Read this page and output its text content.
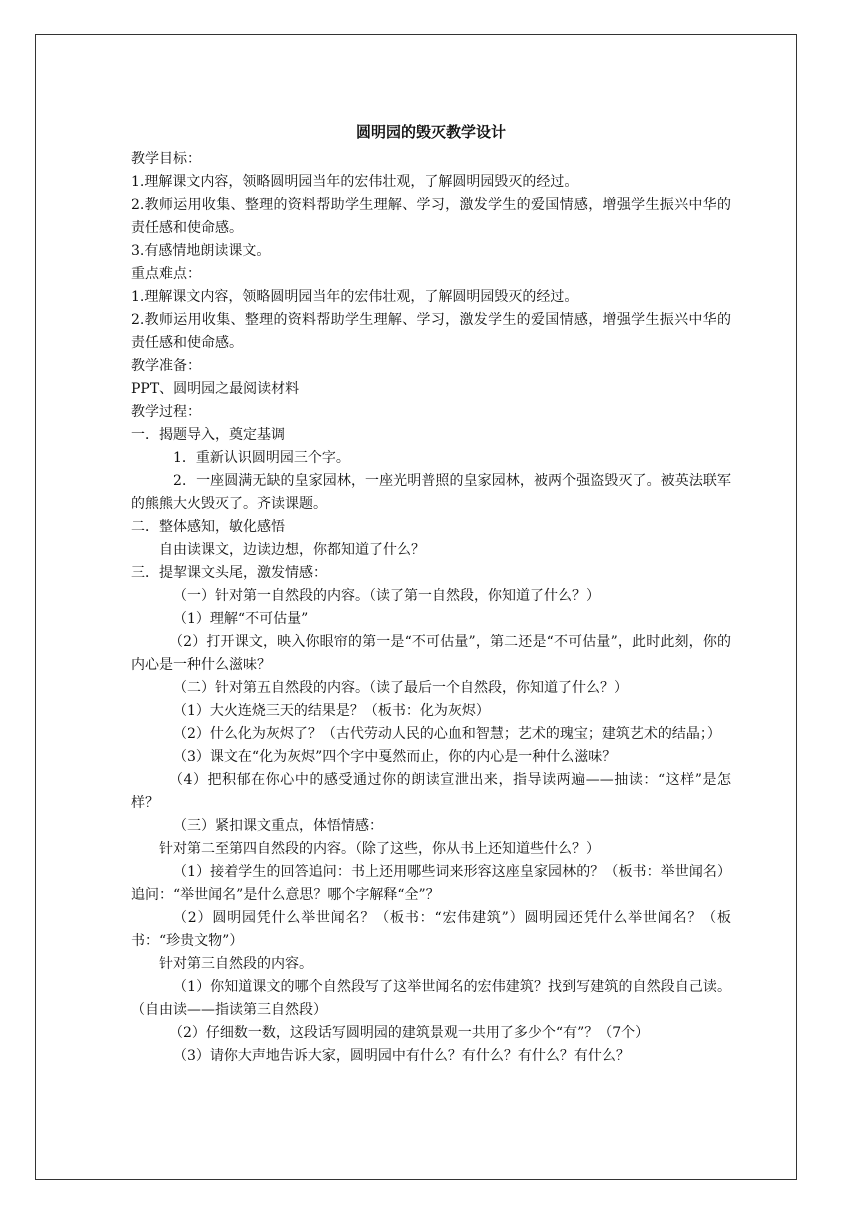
圆明园的毁灭教学设计

教学目标：

1.理解课文内容，领略圆明园当年的宏伟壮观，了解圆明园毁灭的经过。

2.教师运用收集、整理的资料帮助学生理解、学习，激发学生的爱国情感，增强学生振兴中华的责任感和使命感。

3.有感情地朗读课文。

重点难点：

1.理解课文内容，领略圆明园当年的宏伟壮观，了解圆明园毁灭的经过。

2.教师运用收集、整理的资料帮助学生理解、学习，激发学生的爱国情感，增强学生振兴中华的责任感和使命感。

教学准备：

PPT、圆明园之最阅读材料

教学过程：

一．揭题导入，奠定基调

1．重新认识圆明园三个字。

2．一座圆满无缺的皇家园林，一座光明普照的皇家园林，被两个强盗毁灭了。被英法联军的熊熊大火毁灭了。齐读课题。

二．整体感知，敏化感悟

自由读课文，边读边想，你都知道了什么？

三．提挈课文头尾，激发情感：

（一）针对第一自然段的内容。（读了第一自然段，你知道了什么？）

（1）理解“不可估量”

（2）打开课文，映入你眼帘的第一是“不可估量”，第二还是“不可估量”，此时此刻，你的内心是一种什么滋味？

（二）针对第五自然段的内容。（读了最后一个自然段，你知道了什么？）

（1）大火连烧三天的结果是？（板书：化为灰烬）

（2）什么化为灰烬了？（古代劳动人民的心血和智慧；艺术的瑰宝；建筑艺术的结晶；）

（3）课文在“化为灰烬”四个字中戛然而止，你的内心是一种什么滋味？

（4）把积郁在你心中的感受通过你的朗读宣泄出来，指导读两遍——抽读：“这样”是怎样？

（三）紧扣课文重点，体悟情感：

针对第二至第四自然段的内容。（除了这些，你从书上还知道些什么？）

（1）接着学生的回答追问：书上还用哪些词来形容这座皇家园林的？（板书：举世闻名）追问：“举世闻名”是什么意思？哪个字解释“全”？

（2）圆明园凭什么举世闻名？（板书：“宏伟建筑”）圆明园还凭什么举世闻名？（板书：“珍贵文物”）

针对第三自然段的内容。

（1）你知道课文的哪个自然段写了这举世闻名的宏伟建筑？找到写建筑的自然段自己读。（自由读——指读第三自然段）

（2）仔细数一数，这段话写圆明园的建筑景观一共用了多少个“有”？（7个）

（3）请你大声地告诉大家，圆明园中有什么？有什么？有什么？有什么？
